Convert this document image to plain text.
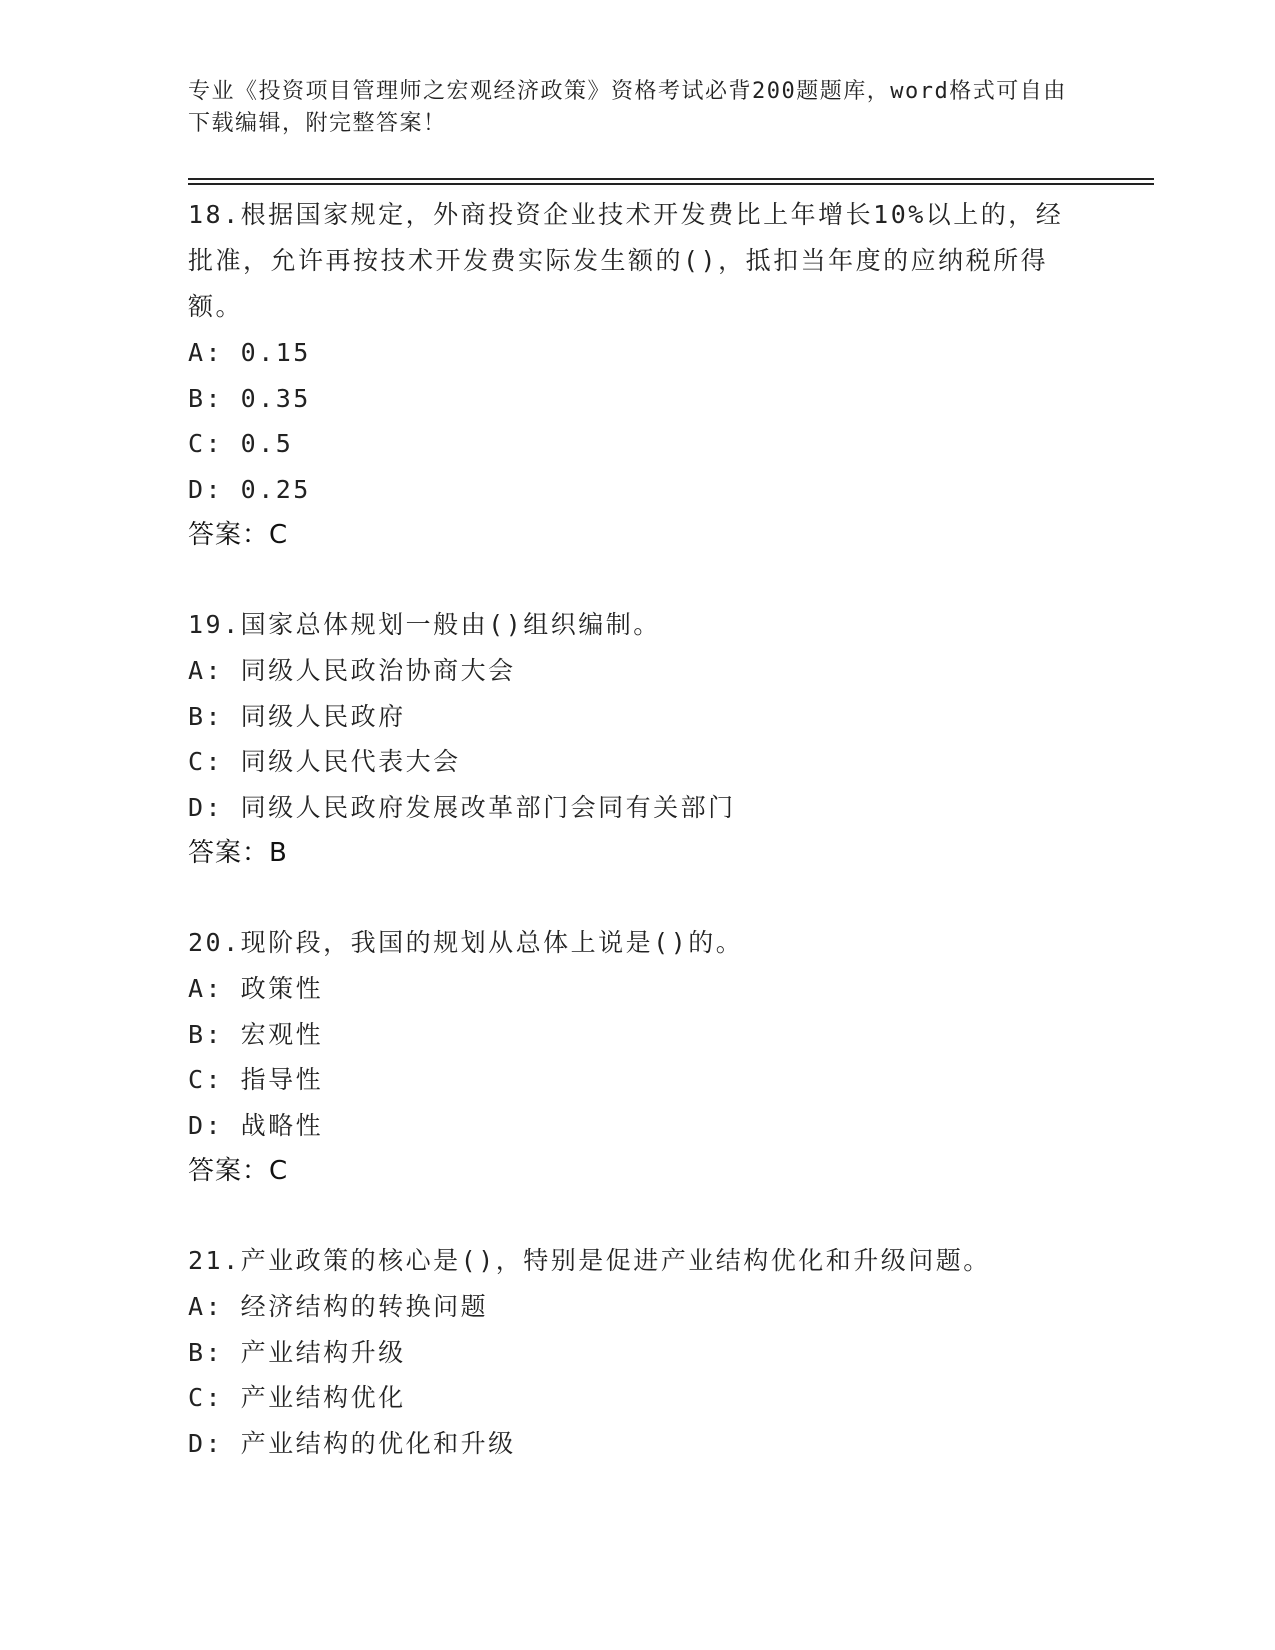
专业《投资项目管理师之宏观经济政策》资格考试必背200题题库，word格式可自由下载编辑，附完整答案！
18.根据国家规定，外商投资企业技术开发费比上年增长10%以上的，经批准，允许再按技术开发费实际发生额的()，抵扣当年度的应纳税所得额。
A: 0.15
B: 0.35
C: 0.5
D: 0.25
答案：C
19.国家总体规划一般由()组织编制。
A: 同级人民政治协商大会
B: 同级人民政府
C: 同级人民代表大会
D: 同级人民政府发展改革部门会同有关部门
答案：B
20.现阶段，我国的规划从总体上说是()的。
A: 政策性
B: 宏观性
C: 指导性
D: 战略性
答案：C
21.产业政策的核心是()，特别是促进产业结构优化和升级问题。
A: 经济结构的转换问题
B: 产业结构升级
C: 产业结构优化
D: 产业结构的优化和升级
